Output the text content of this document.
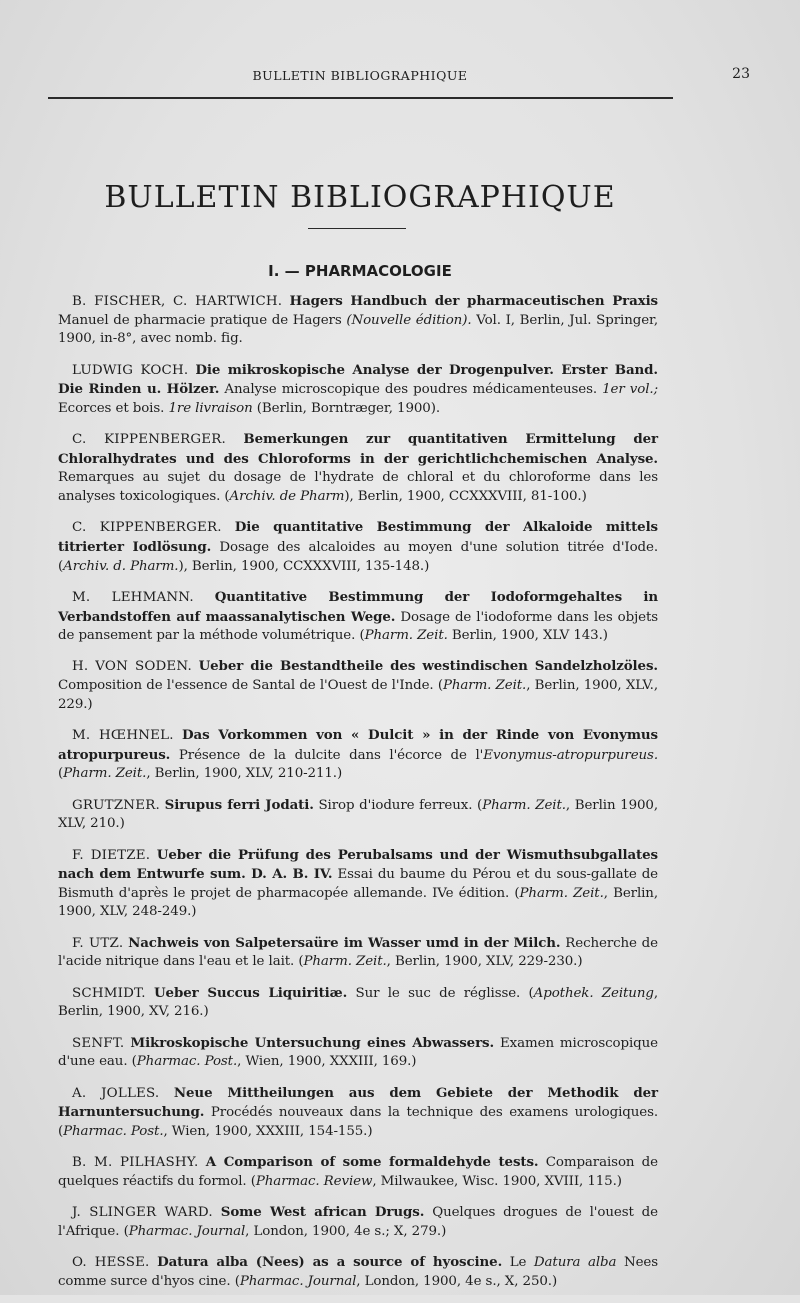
BULLETIN BIBLIOGRAPHIQUE	23
BULLETIN BIBLIOGRAPHIQUE
I. — PHARMACOLOGIE

B. FISCHER, C. HARTWICH. Hagers Handbuch der pharmaceutischen Praxis Manuel de pharmacie pratique de Hagers (Nouvelle édition). Vol. I, Berlin, Jul. Springer, 1900, in-8°, avec nomb. fig.

LUDWIG KOCH. Die mikroskopische Analyse der Drogenpulver. Erster Band. Die Rinden u. Hölzer. Analyse microscopique des poudres médicamenteuses. 1er vol.; Ecorces et bois. 1re livraison (Berlin, Borntræger, 1900).

C. KIPPENBERGER. Bemerkungen zur quantitativen Ermittelung der Chloralhydrates und des Chloroforms in der gerichtlichchemischen Analyse. Remarques au sujet du dosage de l'hydrate de chloral et du chloroforme dans les analyses toxicologiques. (Archiv. de Pharm), Berlin, 1900, CCXXXVIII, 81-100.)

C. KIPPENBERGER. Die quantitative Bestimmung der Alkaloide mittels titrierter Iodlösung. Dosage des alcaloides au moyen d'une solution titrée d'Iode. (Archiv. d. Pharm.), Berlin, 1900, CCXXXVIII, 135-148.)

M. LEHMANN. Quantitative Bestimmung der Iodoformgehaltes in Verbandstoffen auf maassanalytischen Wege. Dosage de l'iodoforme dans les objets de pansement par la méthode volumétrique. (Pharm. Zeit. Berlin, 1900, XLV 143.)

H. VON SODEN. Ueber die Bestandtheile des westindischen Sandelzholzöles. Composition de l'essence de Santal de l'Ouest de l'Inde. (Pharm. Zeit., Berlin, 1900, XLV., 229.)

M. HŒHNEL. Das Vorkommen von « Dulcit » in der Rinde von Evonymus atropurpureus. Présence de la dulcite dans l'écorce de l'Evonymus-atropurpureus. (Pharm. Zeit., Berlin, 1900, XLV, 210-211.)

GRUTZNER. Sirupus ferri Jodati. Sirop d'iodure ferreux. (Pharm. Zeit., Berlin 1900, XLV, 210.)

F. DIETZE. Ueber die Prüfung des Perubalsams und der Wismuthsubgallates nach dem Entwurfe sum. D. A. B. IV. Essai du baume du Pérou et du sous-gallate de Bismuth d'après le projet de pharmacopée allemande. IVe édition. (Pharm. Zeit., Berlin, 1900, XLV, 248-249.)

F. UTZ. Nachweis von Salpetersaüre im Wasser umd in der Milch. Recherche de l'acide nitrique dans l'eau et le lait. (Pharm. Zeit., Berlin, 1900, XLV, 229-230.)

SCHMIDT. Ueber Succus Liquiritiæ. Sur le suc de réglisse. (Apothek. Zeitung, Berlin, 1900, XV, 216.)

SENFT. Mikroskopische Untersuchung eines Abwassers. Examen microscopique d'une eau. (Pharmac. Post., Wien, 1900, XXXIII, 169.)

A. JOLLES. Neue Mittheilungen aus dem Gebiete der Methodik der Harnuntersuchung. Procédés nouveaux dans la technique des examens urologiques. (Pharmac. Post., Wien, 1900, XXXIII, 154-155.)

B. M. PILHASHY. A Comparison of some formaldehyde tests. Comparaison de quelques réactifs du formol. (Pharmac. Review, Milwaukee, Wisc. 1900, XVIII, 115.)

J. SLINGER WARD. Some West african Drugs. Quelques drogues de l'ouest de l'Afrique. (Pharmac. Journal, London, 1900, 4e s.; X, 279.)

O. HESSE. Datura alba (Nees) as a source of hyoscine. Le Datura alba Nees comme surce d'hyos cine. (Pharmac. Journal, London, 1900, 4e s., X, 250.)
